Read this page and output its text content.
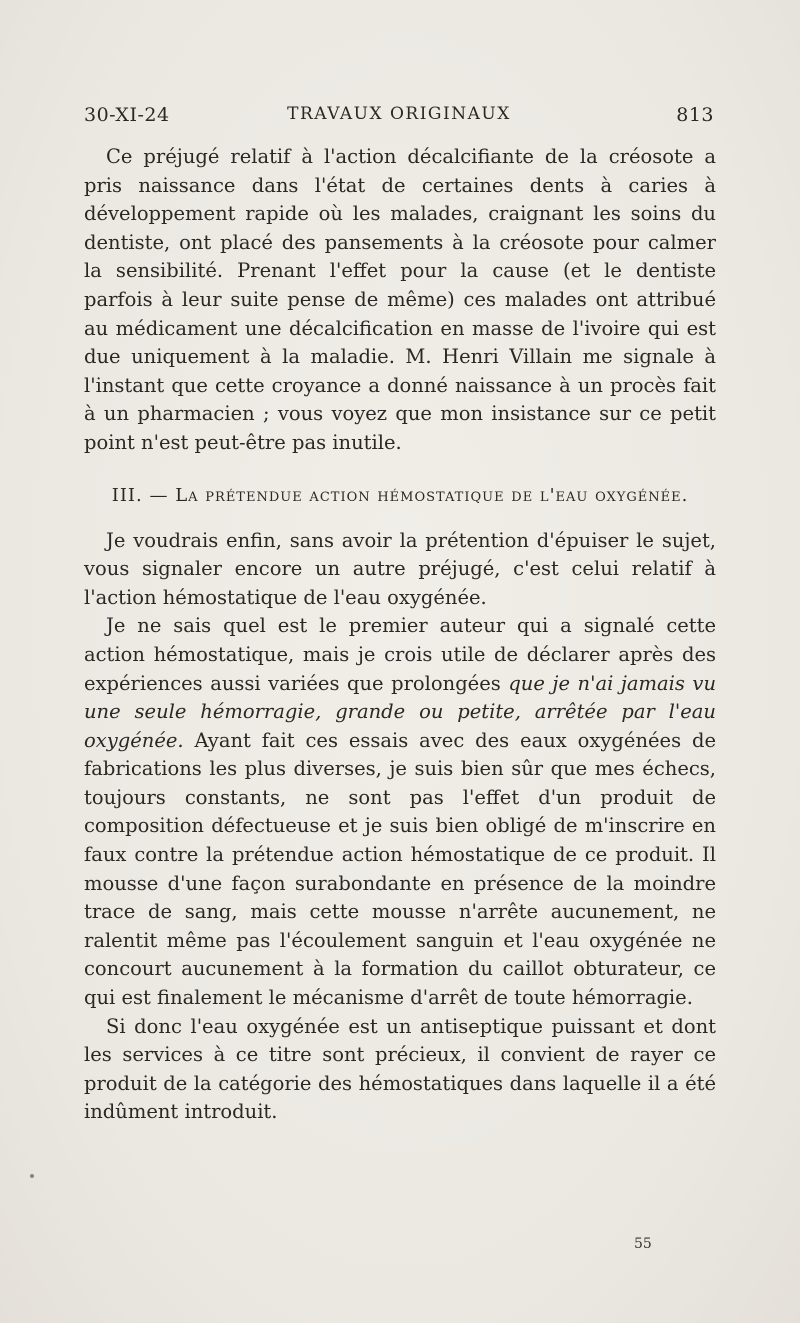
30-XI-24	TRAVAUX ORIGINAUX	813

Ce préjugé relatif à l'action décalcifiante de la créosote a pris naissance dans l'état de certaines dents à caries à développement rapide où les malades, craignant les soins du dentiste, ont placé des pansements à la créosote pour calmer la sensibilité. Prenant l'effet pour la cause (et le dentiste parfois à leur suite pense de même) ces malades ont attribué au médicament une décalcification en masse de l'ivoire qui est due uniquement à la maladie. M. Henri Villain me signale à l'instant que cette croyance a donné naissance à un procès fait à un pharmacien ; vous voyez que mon insistance sur ce petit point n'est peut-être pas inutile.

III. — La prétendue action hémostatique de l'eau oxygénée.

Je voudrais enfin, sans avoir la prétention d'épuiser le sujet, vous signaler encore un autre préjugé, c'est celui relatif à l'action hémostatique de l'eau oxygénée.

Je ne sais quel est le premier auteur qui a signalé cette action hémostatique, mais je crois utile de déclarer après des expériences aussi variées que prolongées que je n'ai jamais vu une seule hémorragie, grande ou petite, arrêtée par l'eau oxygénée. Ayant fait ces essais avec des eaux oxygénées de fabrications les plus diverses, je suis bien sûr que mes échecs, toujours constants, ne sont pas l'effet d'un produit de composition défectueuse et je suis bien obligé de m'inscrire en faux contre la prétendue action hémostatique de ce produit. Il mousse d'une façon surabondante en présence de la moindre trace de sang, mais cette mousse n'arrête aucunement, ne ralentit même pas l'écoulement sanguin et l'eau oxygénée ne concourt aucunement à la formation du caillot obturateur, ce qui est finalement le mécanisme d'arrêt de toute hémorragie.

Si donc l'eau oxygénée est un antiseptique puissant et dont les services à ce titre sont précieux, il convient de rayer ce produit de la catégorie des hémostatiques dans laquelle il a été indûment introduit.

55
